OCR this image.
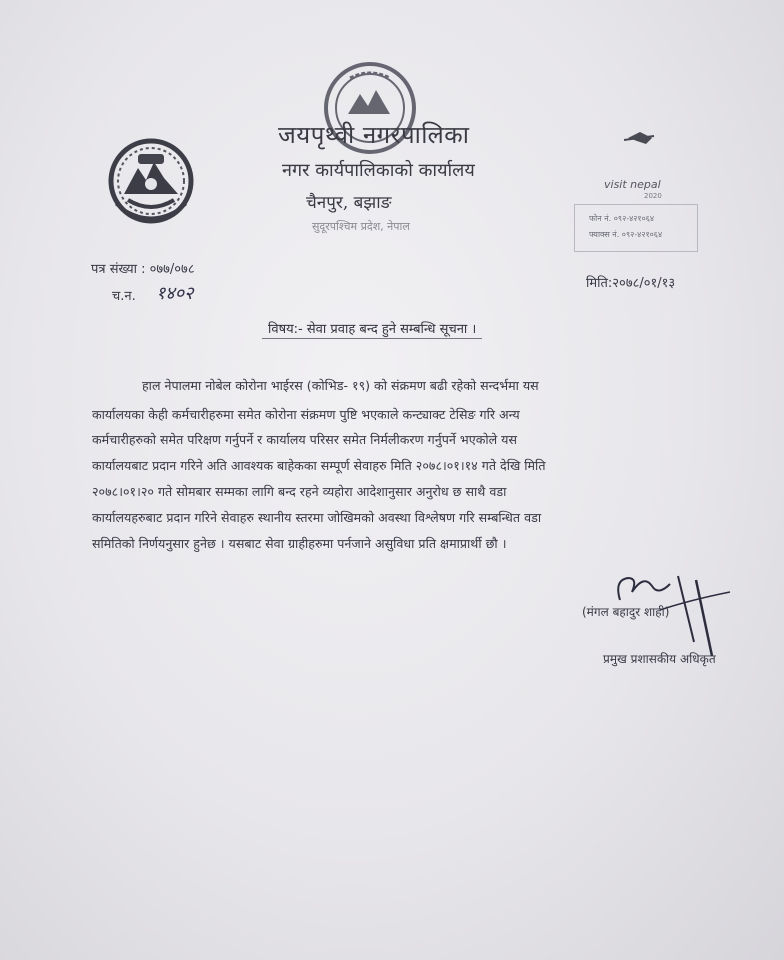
जयपृथ्वी नगरपालिका
नगर कार्यपालिकाको कार्यालय
चैनपुर, बझाङ
सुदूरपश्चिम प्रदेश, नेपाल
visit nepal
2020
फोन नं. ०९२-४२१०६४
फ्याक्स नं. ०९२-४२१०६४
पत्र संख्या : ०७७/०७८
च.न. १४०२	मिति:२०७८/०१/१३
विषय:- सेवा प्रवाह बन्द हुने सम्बन्धि सूचना ।
हाल नेपालमा नोबेल कोरोना भाईरस (कोभिड- १९) को संक्रमण बढी रहेको सन्दर्भमा यस
कार्यालयका केही कर्मचारीहरुमा समेत कोरोना संक्रमण पुष्टि भएकाले कन्ट्याक्ट टेसिङ गरि अन्य
कर्मचारीहरुको समेत परिक्षण गर्नुपर्ने र कार्यालय परिसर समेत निर्मलीकरण गर्नुपर्ने भएकोले यस
कार्यालयबाट प्रदान गरिने अति आवश्यक बाहेकका सम्पूर्ण सेवाहरु मिति २०७८।०१।१४ गते देखि मिति
२०७८।०१।२० गते सोमबार सम्मका लागि बन्द रहने व्यहोरा आदेशानुसार अनुरोध छ साथै वडा
कार्यालयहरुबाट प्रदान गरिने सेवाहरु स्थानीय स्तरमा जोखिमको अवस्था विश्लेषण गरि सम्बन्धित वडा
समितिको निर्णयनुसार हुनेछ । यसबाट सेवा ग्राहीहरुमा पर्नजाने असुविधा प्रति क्षमाप्रार्थी छौ ।
(मंगल बहादुर शाही)
प्रमुख प्रशासकीय अधिकृत
